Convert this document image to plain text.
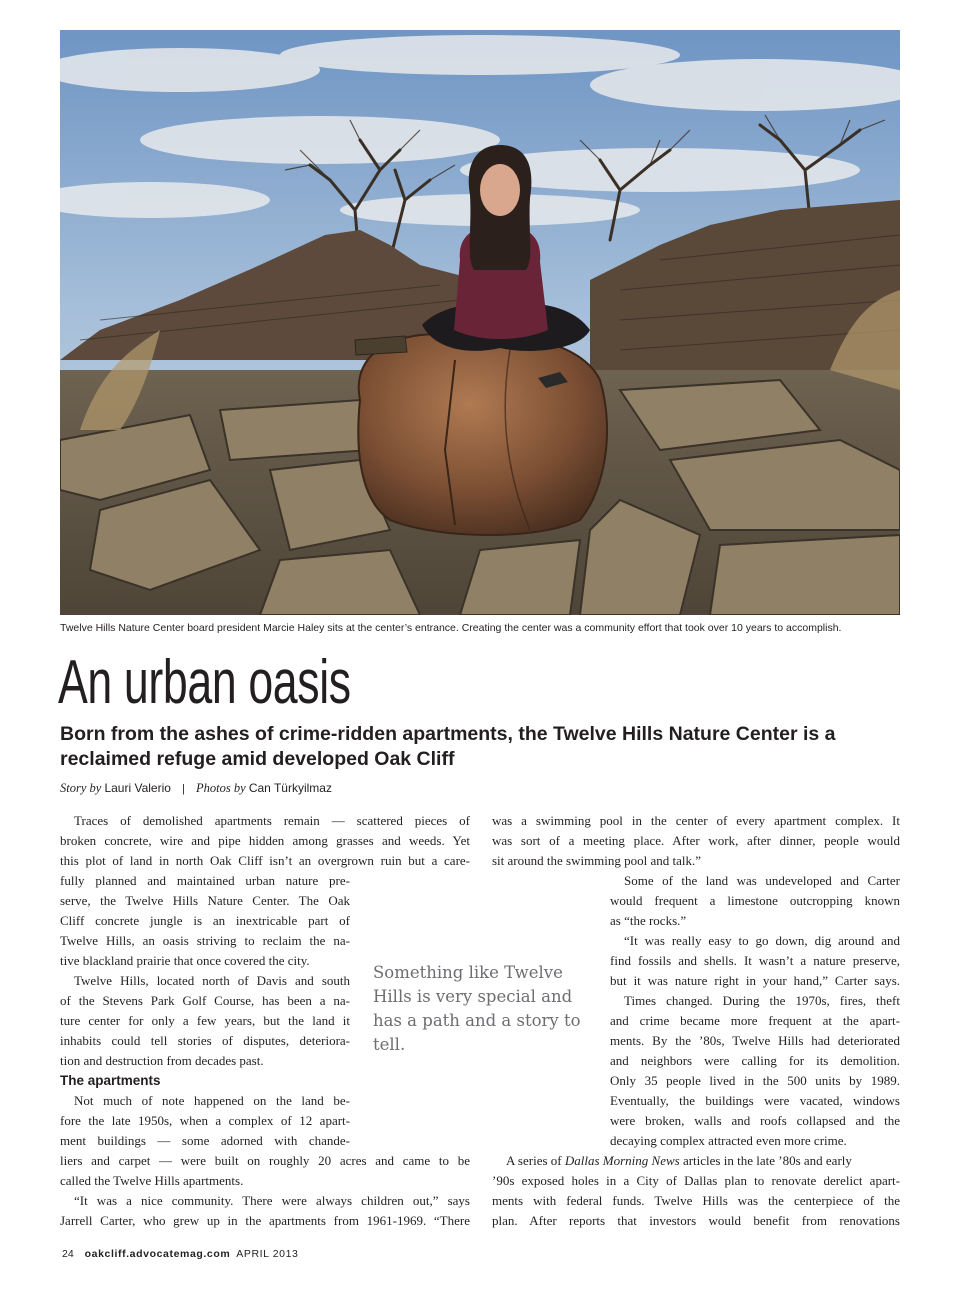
Twelve Hills Nature Center board president Marcie Haley sits at the center’s entrance. Creating the center was a community effort that took over 10 years to accomplish.
An urban oasis
Born from the ashes of crime-ridden apartments, the Twelve Hills Nature Center is a reclaimed refuge amid developed Oak Cliff
Story by Lauri Valerio | Photos by Can Türkyilmaz
Traces of demolished apartments remain — scattered pieces of
broken concrete, wire and pipe hidden among grasses and weeds. Yet
this plot of land in north Oak Cliff isn’t an overgrown ruin but a care-
fully planned and maintained urban nature pre-
serve, the Twelve Hills Nature Center. The Oak
Cliff concrete jungle is an inextricable part of
Twelve Hills, an oasis striving to reclaim the na-
tive blackland prairie that once covered the city.
Twelve Hills, located north of Davis and south
of the Stevens Park Golf Course, has been a na-
ture center for only a few years, but the land it
inhabits could tell stories of disputes, deteriora-
tion and destruction from decades past.
The apartments
Not much of note happened on the land be-
fore the late 1950s, when a complex of 12 apart-
ment buildings — some adorned with chande-
liers and carpet — were built on roughly 20 acres and came to be
called the Twelve Hills apartments.
“It was a nice community. There were always children out,” says
Jarrell Carter, who grew up in the apartments from 1961-1969. “There
Something like Twelve Hills is very special and has a path and a story to tell.
was a swimming pool in the center of every apartment complex. It
was sort of a meeting place. After work, after dinner, people would
sit around the swimming pool and talk.”
Some of the land was undeveloped and Carter
would frequent a limestone outcropping known
as “the rocks.”
“It was really easy to go down, dig around and
find fossils and shells. It wasn’t a nature preserve,
but it was nature right in your hand,” Carter says.
Times changed. During the 1970s, fires, theft
and crime became more frequent at the apart-
ments. By the ’80s, Twelve Hills had deteriorated
and neighbors were calling for its demolition.
Only 35 people lived in the 500 units by 1989.
Eventually, the buildings were vacated, windows
were broken, walls and roofs collapsed and the
decaying complex attracted even more crime.
A series of Dallas Morning News articles in the late ’80s and early
’90s exposed holes in a City of Dallas plan to renovate derelict apart-
ments with federal funds. Twelve Hills was the centerpiece of the
plan. After reports that investors would benefit from renovations
24 oakcliff.advocatemag.com APRIL 2013
